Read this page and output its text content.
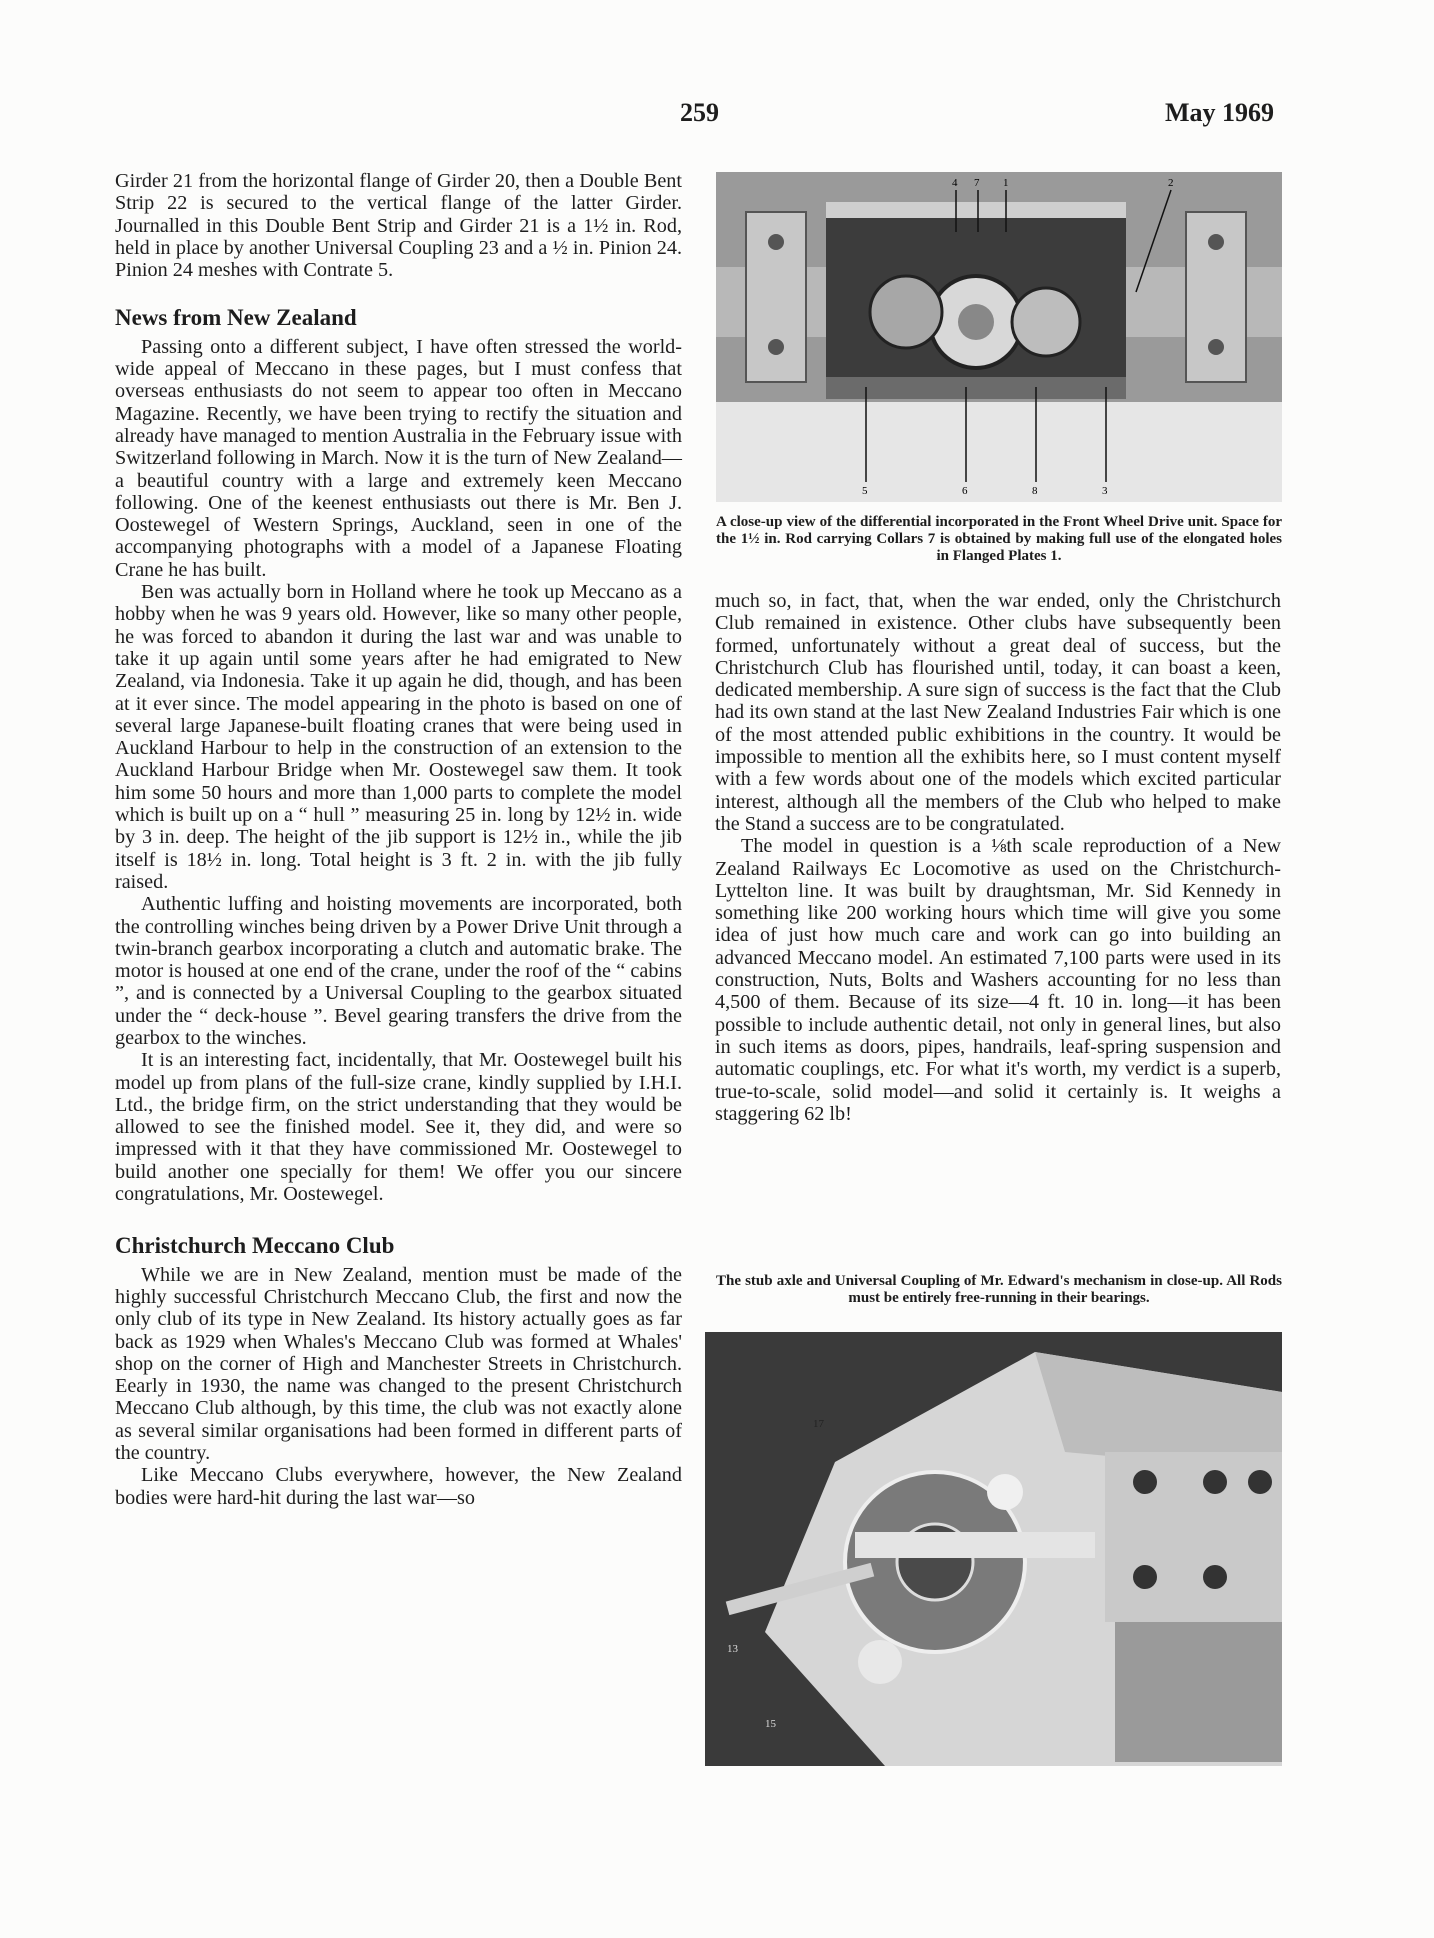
259	May 1969

Girder 21 from the horizontal flange of Girder 20, then a Double Bent Strip 22 is secured to the vertical flange of the latter Girder. Journalled in this Double Bent Strip and Girder 21 is a 1½ in. Rod, held in place by another Universal Coupling 23 and a ½ in. Pinion 24. Pinion 24 meshes with Contrate 5.

News from New Zealand

Passing onto a different subject, I have often stressed the world-wide appeal of Meccano in these pages, but I must confess that overseas enthusiasts do not seem to appear too often in Meccano Magazine. Recently, we have been trying to rectify the situation and already have managed to mention Australia in the February issue with Switzerland following in March. Now it is the turn of New Zealand—a beautiful country with a large and extremely keen Meccano following. One of the keenest enthusiasts out there is Mr. Ben J. Oostewegel of Western Springs, Auckland, seen in one of the accompanying photographs with a model of a Japanese Floating Crane he has built.

Ben was actually born in Holland where he took up Meccano as a hobby when he was 9 years old. However, like so many other people, he was forced to abandon it during the last war and was unable to take it up again until some years after he had emigrated to New Zealand, via Indonesia. Take it up again he did, though, and has been at it ever since. The model appearing in the photo is based on one of several large Japanese-built floating cranes that were being used in Auckland Harbour to help in the construction of an extension to the Auckland Harbour Bridge when Mr. Oostewegel saw them. It took him some 50 hours and more than 1,000 parts to complete the model which is built up on a “ hull ” measuring 25 in. long by 12½ in. wide by 3 in. deep. The height of the jib support is 12½ in., while the jib itself is 18½ in. long. Total height is 3 ft. 2 in. with the jib fully raised.

Authentic luffing and hoisting movements are incorporated, both the controlling winches being driven by a Power Drive Unit through a twin-branch gearbox incorporating a clutch and automatic brake. The motor is housed at one end of the crane, under the roof of the “ cabins ”, and is connected by a Universal Coupling to the gearbox situated under the “ deck-house ”. Bevel gearing transfers the drive from the gearbox to the winches.

It is an interesting fact, incidentally, that Mr. Oostewegel built his model up from plans of the full-size crane, kindly supplied by I.H.I. Ltd., the bridge firm, on the strict understanding that they would be allowed to see the finished model. See it, they did, and were so impressed with it that they have commissioned Mr. Oostewegel to build another one specially for them! We offer you our sincere congratulations, Mr. Oostewegel.

Christchurch Meccano Club

While we are in New Zealand, mention must be made of the highly successful Christchurch Meccano Club, the first and now the only club of its type in New Zealand. Its history actually goes as far back as 1929 when Whales's Meccano Club was formed at Whales' shop on the corner of High and Manchester Streets in Christchurch. Eearly in 1930, the name was changed to the present Christchurch Meccano Club although, by this time, the club was not exactly alone as several similar organisations had been formed in different parts of the country.

Like Meccano Clubs everywhere, however, the New Zealand bodies were hard-hit during the last war—so

4 7 1	2
5	6	8	3
A close-up view of the differential incorporated in the Front Wheel Drive unit. Space for the 1½ in. Rod carrying Collars 7 is obtained by making full use of the elongated holes in Flanged Plates 1.

much so, in fact, that, when the war ended, only the Christchurch Club remained in existence. Other clubs have subsequently been formed, unfortunately without a great deal of success, but the Christchurch Club has flourished until, today, it can boast a keen, dedicated membership. A sure sign of success is the fact that the Club had its own stand at the last New Zealand Industries Fair which is one of the most attended public exhibitions in the country. It would be impossible to mention all the exhibits here, so I must content myself with a few words about one of the models which excited particular interest, although all the members of the Club who helped to make the Stand a success are to be congratulated.

The model in question is a ⅛th scale reproduction of a New Zealand Railways Ec Locomotive as used on the Christchurch-Lyttelton line. It was built by draughtsman, Mr. Sid Kennedy in something like 200 working hours which time will give you some idea of just how much care and work can go into building an advanced Meccano model. An estimated 7,100 parts were used in its construction, Nuts, Bolts and Washers accounting for no less than 4,500 of them. Because of its size—4 ft. 10 in. long—it has been possible to include authentic detail, not only in general lines, but also in such items as doors, pipes, handrails, leaf-spring suspension and automatic couplings, etc. For what it's worth, my verdict is a superb, true-to-scale, solid model—and solid it certainly is. It weighs a staggering 62 lb!

The stub axle and Universal Coupling of Mr. Edward's mechanism in close-up. All Rods must be entirely free-running in their bearings.
17
13
15
